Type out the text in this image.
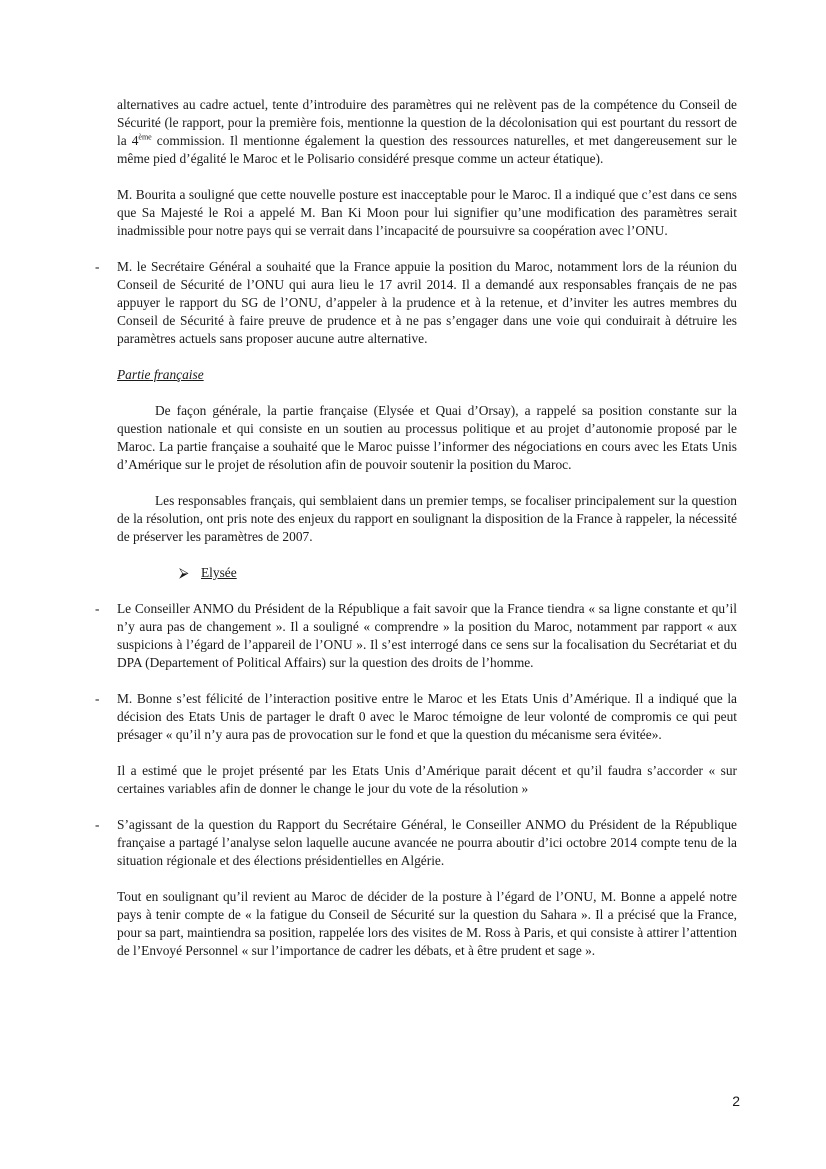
alternatives au cadre actuel, tente d’introduire des paramètres qui ne relèvent pas de la compétence du Conseil de Sécurité (le rapport, pour la première fois, mentionne la question de la décolonisation qui est pourtant du ressort de la 4ème commission. Il mentionne également la question des ressources naturelles, et met dangereusement sur le même pied d’égalité le Maroc et le Polisario considéré presque comme un acteur étatique).

M. Bourita a souligné que cette nouvelle posture est inacceptable pour le Maroc. Il a indiqué que c’est dans ce sens que Sa Majesté le Roi a appelé M. Ban Ki Moon pour lui signifier qu’une modification des paramètres serait inadmissible pour notre pays qui se verrait dans l’incapacité de poursuivre sa coopération avec l’ONU.

- M. le Secrétaire Général a souhaité que la France appuie la position du Maroc, notamment lors de la réunion du Conseil de Sécurité de l’ONU qui aura lieu le 17 avril 2014. Il a demandé aux responsables français de ne pas appuyer le rapport du SG de l’ONU, d’appeler à la prudence et à la retenue, et d’inviter les autres membres du Conseil de Sécurité à faire preuve de prudence et à ne pas s’engager dans une voie qui conduirait à détruire les paramètres actuels sans proposer aucune autre alternative.

Partie française

De façon générale, la partie française (Elysée et Quai d’Orsay), a rappelé sa position constante sur la question nationale et qui consiste en un soutien au processus politique et au projet d’autonomie proposé par le Maroc. La partie française a souhaité que le Maroc puisse l’informer des négociations en cours avec les Etats Unis d’Amérique sur le projet de résolution afin de pouvoir soutenir la position du Maroc.

Les responsables français, qui semblaient dans un premier temps, se focaliser principalement sur la question de la résolution, ont pris note des enjeux du rapport en soulignant la disposition de la France à rappeler, la nécessité de préserver les paramètres de 2007.

⮚ Elysée
- Le Conseiller ANMO du Président de la République a fait savoir que la France tiendra « sa ligne constante et qu’il n’y aura pas de changement ». Il a souligné « comprendre » la position du Maroc, notamment par rapport « aux suspicions à l’égard de l’appareil de l’ONU ». Il s’est interrogé dans ce sens sur la focalisation du Secrétariat et du DPA (Departement of Political Affairs) sur la question des droits de l’homme.

- M. Bonne s’est félicité de l’interaction positive entre le Maroc et les Etats Unis d’Amérique. Il a indiqué que la décision des Etats Unis de partager le draft 0 avec le Maroc témoigne de leur volonté de compromis ce qui peut présager « qu’il n’y aura pas de provocation sur le fond et que la question du mécanisme sera évitée».

Il a estimé que le projet présenté par les Etats Unis d’Amérique parait décent et qu’il faudra s’accorder « sur certaines variables afin de donner le change le jour du vote de la résolution »

- S’agissant de la question du Rapport du Secrétaire Général, le Conseiller ANMO du Président de la République française a partagé l’analyse selon laquelle aucune avancée ne pourra aboutir d’ici octobre 2014 compte tenu de la situation régionale et des élections présidentielles en Algérie.

Tout en soulignant qu’il revient au Maroc de décider de la posture à l’égard de l’ONU, M. Bonne a appelé notre pays à tenir compte de « la fatigue du Conseil de Sécurité sur la question du Sahara ». Il a précisé que la France, pour sa part, maintiendra sa position, rappelée lors des visites de M. Ross à Paris, et qui consiste à attirer l’attention de l’Envoyé Personnel « sur l’importance de cadrer les débats, et à être prudent et sage ».

2
